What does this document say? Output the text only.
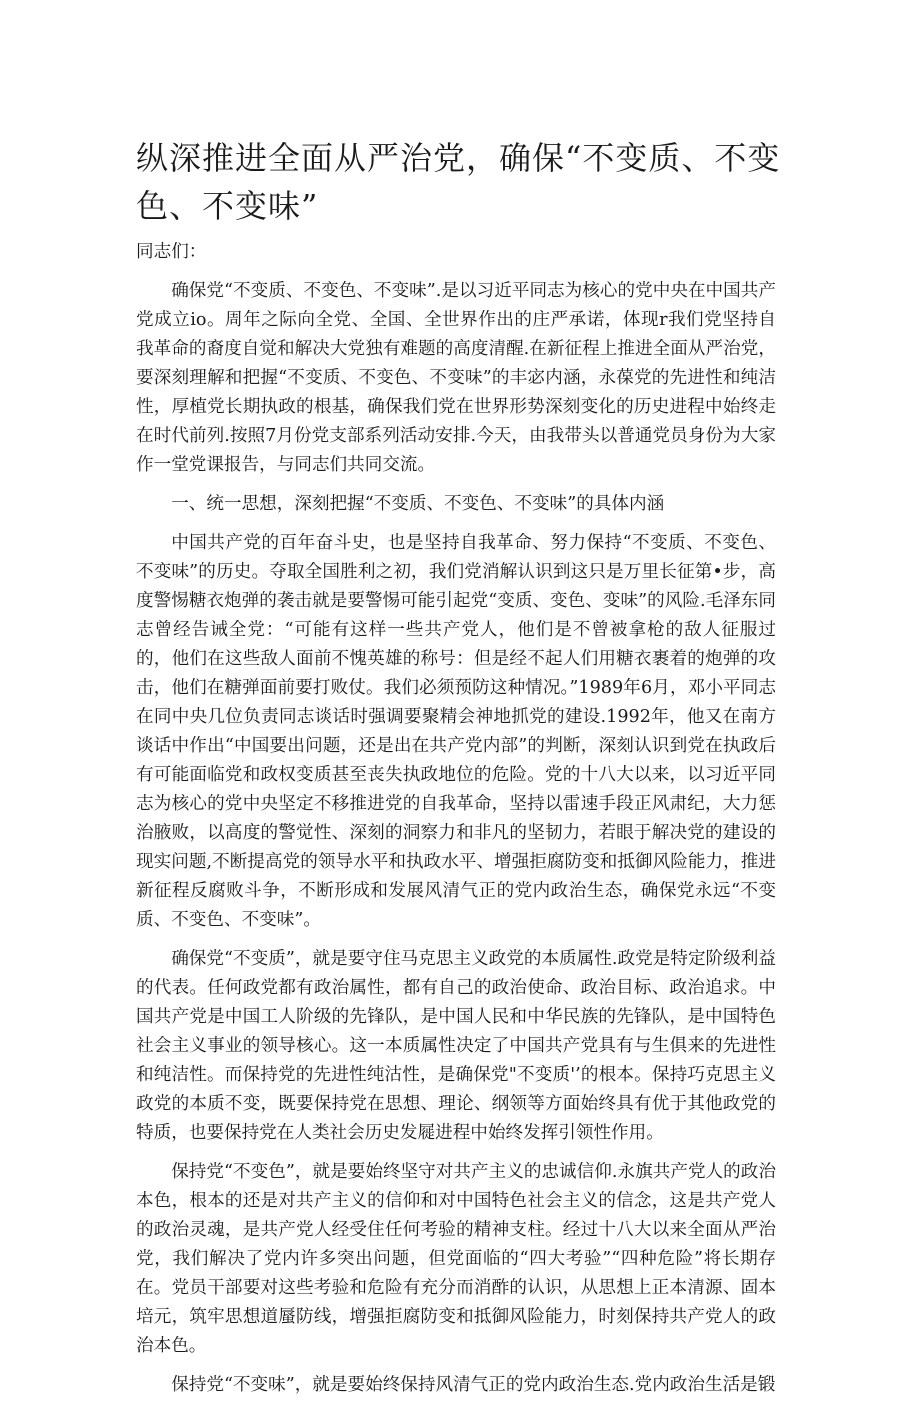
纵深推进全面从严治党，确保“不变质、不变色、不变味”

同志们：

确保党“不变质、不变色、不变味”.是以习近平同志为核心的党中央在中国共产党成立io。周年之际向全党、全国、全世界作出的庄严承诺，体现r我们党坚持自我革命的裔度自觉和解决大党独有难题的高度清醒.在新征程上推进全面从严治党，要深刻理解和把握“不变质、不变色、不变味”的丰宓内涵，永葆党的先进性和纯洁性，厚植党长期执政的根基，确保我们党在世界形势深刻变化的历史进程中始终走在时代前列.按照7月份党支部系列活动安排.今天，由我带头以普通党员身份为大家作一堂党课报告，与同志们共同交流。

一、统一思想，深刻把握“不变质、不变色、不变味”的具体内涵

中国共产党的百年奋斗史，也是坚持自我革命、努力保持“不变质、不变色、不变味”的历史。夺取全国胜利之初，我们党消解认识到这只是万里长征第•步，高度警惕糖衣炮弹的袭击就是要警惕可能引起党“变质、变色、变味”的风险.毛泽东同志曾经告诫全党：“可能有这样一些共产党人，他们是不曾被拿枪的敌人征服过的，他们在这些敌人面前不愧英雄的称号：但是经不起人们用糖衣裹着的炮弹的攻击，他们在糖弹面前要打败仗。我们必须预防这种情况。”1989年6月，邓小平同志在同中央几位负责同志谈话时强调要聚精会神地抓党的建设.1992年，他又在南方谈话中作出“中国要出问题，还是出在共产党内部”的判断，深刻认识到党在执政后有可能面临党和政权变质甚至丧失执政地位的危险。党的十八大以来，以习近平同志为核心的党中央坚定不移推进党的自我革命，坚持以雷速手段正风肃纪，大力惩治腋败，以高度的警觉性、深刻的洞察力和非凡的坚韧力，若眼于解决党的建设的现实问题,不断提高党的领导水平和执政水平、增强拒腐防变和抵御风险能力，推进新征程反腐败斗争，不断形成和发展风清气正的党内政治生态，确保党永远“不变质、不变色、不变味”。

确保党“不变质”，就是要守住马克思主义政党的本质属性.政党是特定阶级利益的代表。任何政党都有政治属性，都有自己的政治使命、政治目标、政治追求。中国共产党是中国工人阶级的先锋队，是中国人民和中华民族的先锋队，是中国特色社会主义事业的领导核心。这一本质属性决定了中国共产党具有与生俱来的先进性和纯洁性。而保持党的先进性纯沽性，是确保党"不变质'’的根本。保持巧克思主义政党的本质不变，既要保持党在思想、理论、纲领等方面始终具有优于其他政党的特质，也要保持党在人类社会历史发屣进程中始终发挥引领性作用。

保持党“不变色”，就是要始终坚守对共产主义的忠诚信仰.永旗共产党人的政治本色，根本的还是对共产主义的信仰和对中国特色社会主义的信念，这是共产党人的政治灵魂，是共产党人经受住任何考验的精神支柱。经过十八大以来全面从严治党，我们解决了党内许多突出问题，但党面临的“四大考验”“四种危险”将长期存在。党员干部要对这些考验和危险有充分而消酢的认识，从思想上正本清源、固本培元，筑牢思想道蜃防线，增强拒腐防变和抵御风险能力，时刻保持共产党人的政治本色。

保持党“不变味”，就是要始终保持风清气正的党内政治生态.党内政治生活是锻
